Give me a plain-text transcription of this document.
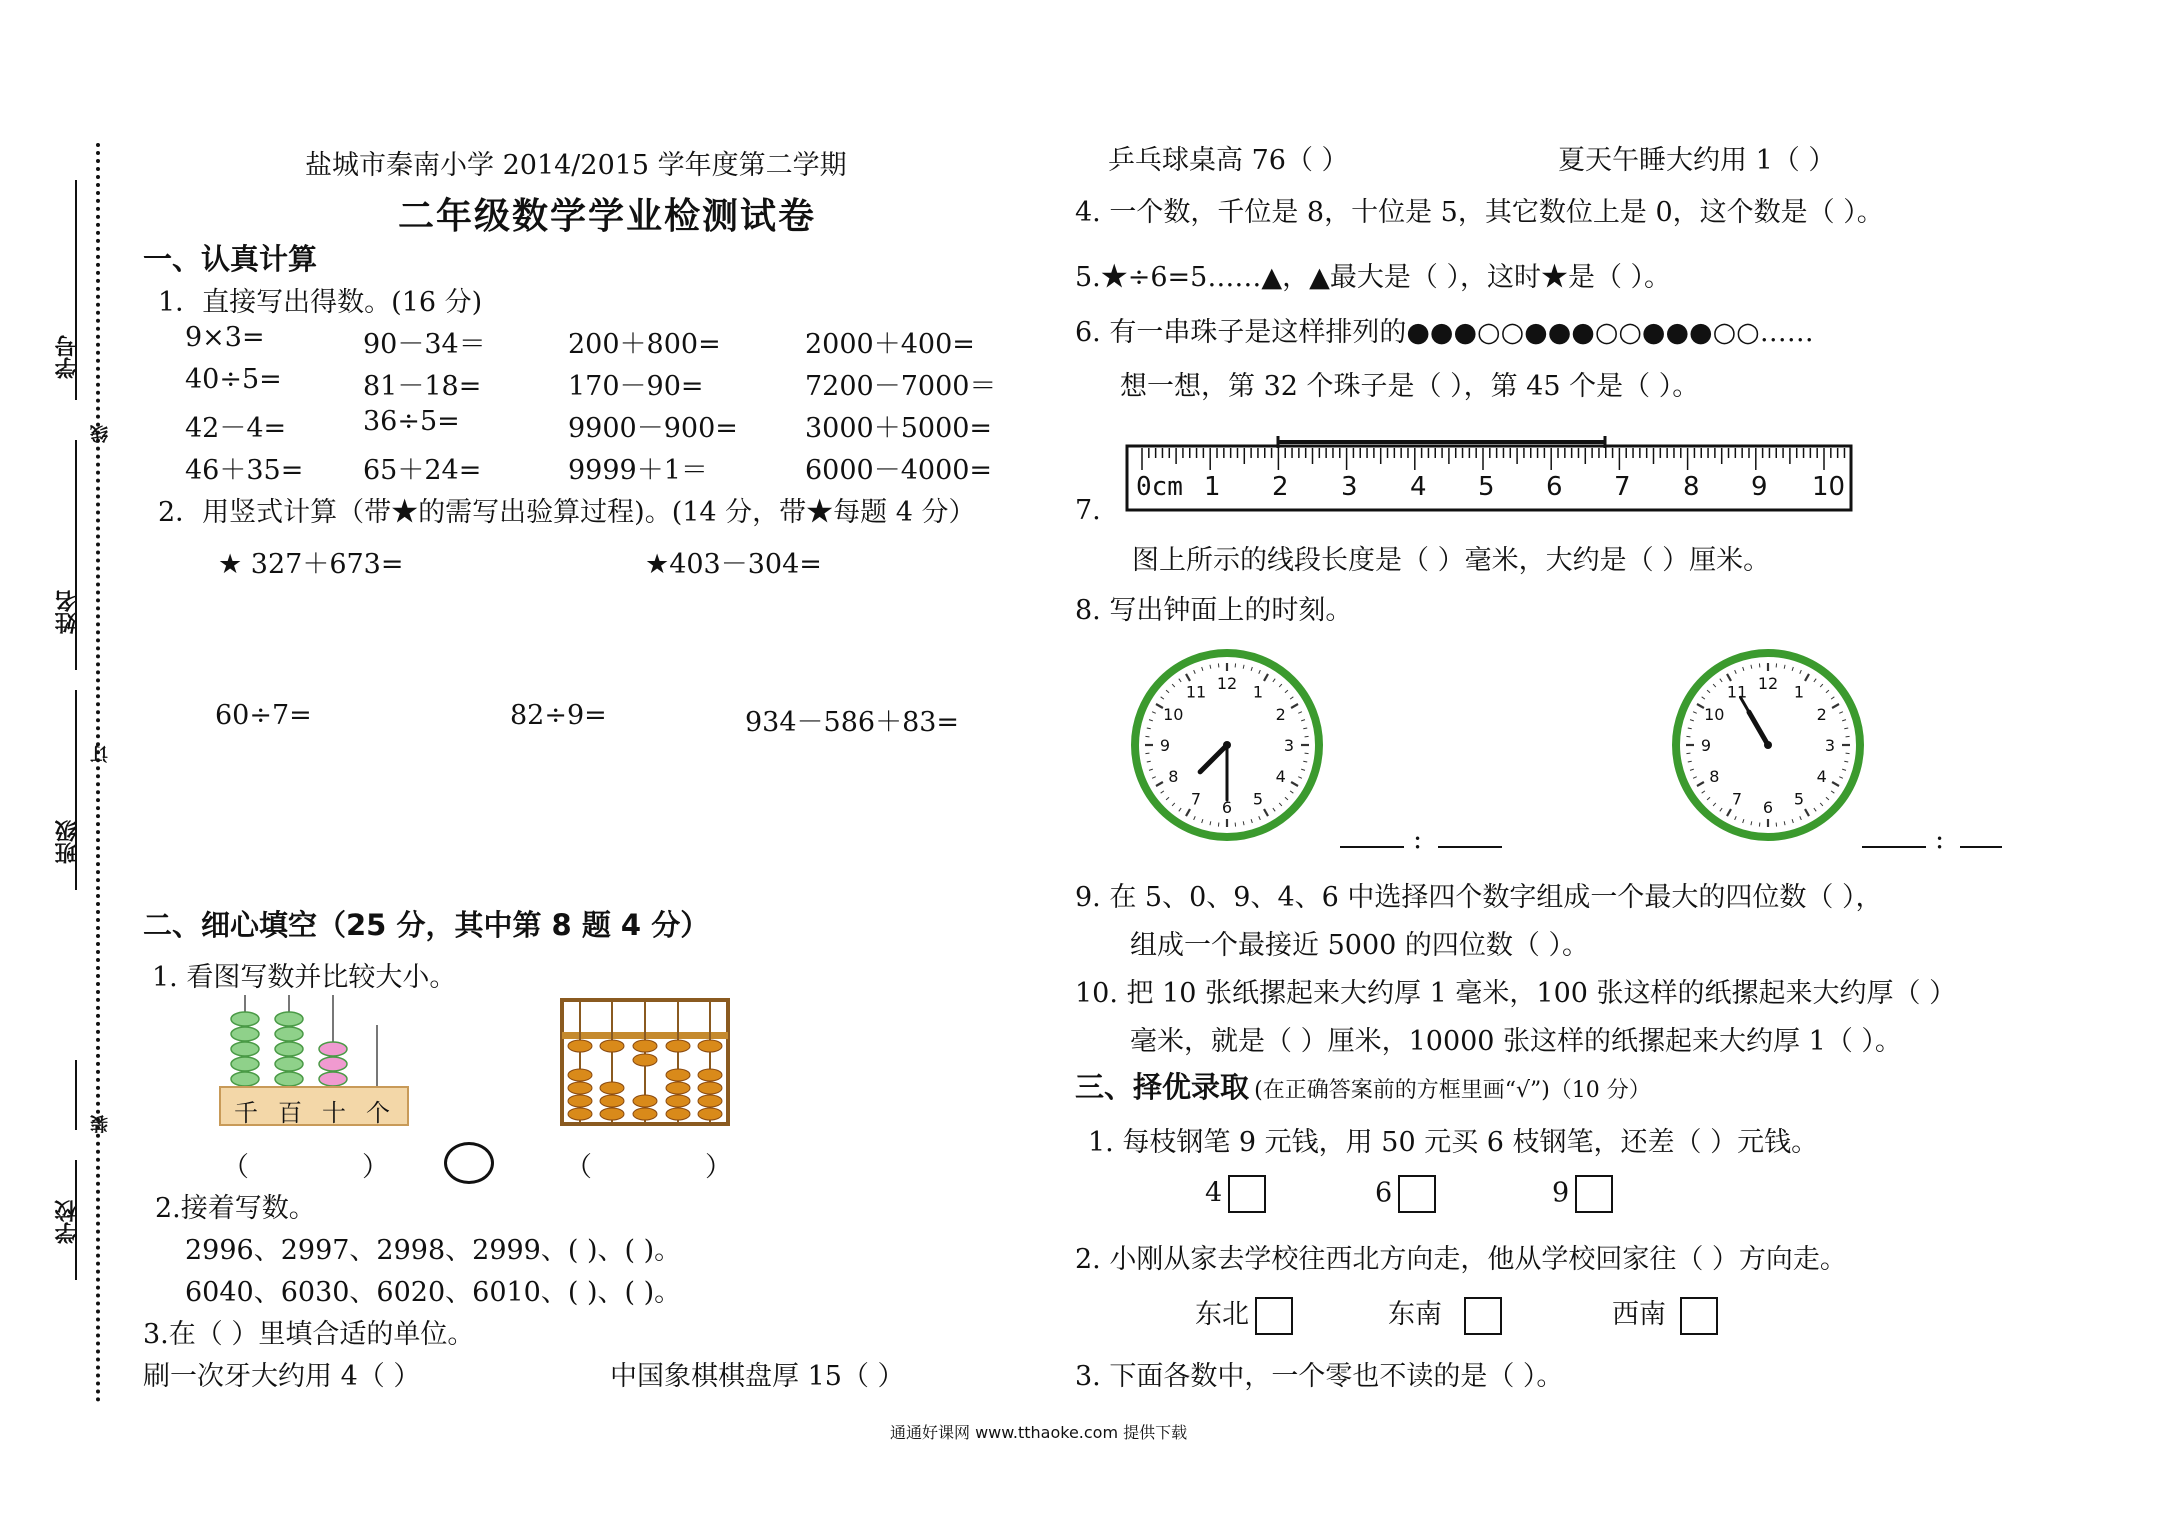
学号
线
姓名
订
班级
装
学校
盐城市秦南小学 2014/2015 学年度第二学期
二年级数学学业检测试卷
一、认真计算
1．直接写出得数。(16 分)
9×3=	90－34＝	200＋800=	2000＋400=
40÷5=	81－18=	170－90=	7200－7000＝
42－4=	36÷5=	9900－900= 3000＋5000=
46＋35= 65＋24=	9999＋1＝	6000－4000=
2．用竖式计算（带★的需写出验算过程)。(14 分，带★每题 4 分）
★ 327＋673=	★403－304=
60÷7=	82÷9=	934－586＋83=
二、细心填空（25 分，其中第 8 题 4 分）
1. 看图写数并比较大小。
千 百 十 个
（	）	（	）
2.接着写数。
2996、2997、2998、2999、( )、( )。
6040、6030、6020、6010、( )、( )。
3.在（ ）里填合适的单位。
刷一次牙大约用 4（ ）	中国象棋棋盘厚 15（ ）
乒乓球桌高 76（ ）	夏天午睡大约用 1（ ）
4. 一个数，千位是 8，十位是 5，其它数位上是 0，这个数是（ ）。
5.★÷6=5……▲，▲最大是（ ），这时★是（ ）。
6. 有一串珠子是这样排列的●●●○○●●●○○●●●○○……
想一想，第 32 个珠子是（ ），第 45 个是（ ）。
7.
0cm 1 2 3 4 5 6 7 8 9 10
图上所示的线段长度是（ ）毫米，大约是（ ）厘米。
8. 写出钟面上的时刻。
12 1
2
3
4
5
6
7
8
9
10
11	12 1
2
3
4
5
6
7
8
9
10
11
:	:
9. 在 5、0、9、4、6 中选择四个数字组成一个最大的四位数（ ），
组成一个最接近 5000 的四位数（ ）。
10. 把 10 张纸摞起来大约厚 1 毫米，100 张这样的纸摞起来大约厚（ ）
毫米，就是（ ）厘米，10000 张这样的纸摞起来大约厚 1（ ）。
三、择优录取 (在正确答案前的方框里画“√”)（10 分）
1. 每枝钢笔 9 元钱，用 50 元买 6 枝钢笔，还差（ ）元钱。
4	6	9
2. 小刚从家去学校往西北方向走，他从学校回家往（ ）方向走。
东北	东南	西南
3. 下面各数中，一个零也不读的是（ ）。
通通好课网 www.tthaoke.com 提供下载
